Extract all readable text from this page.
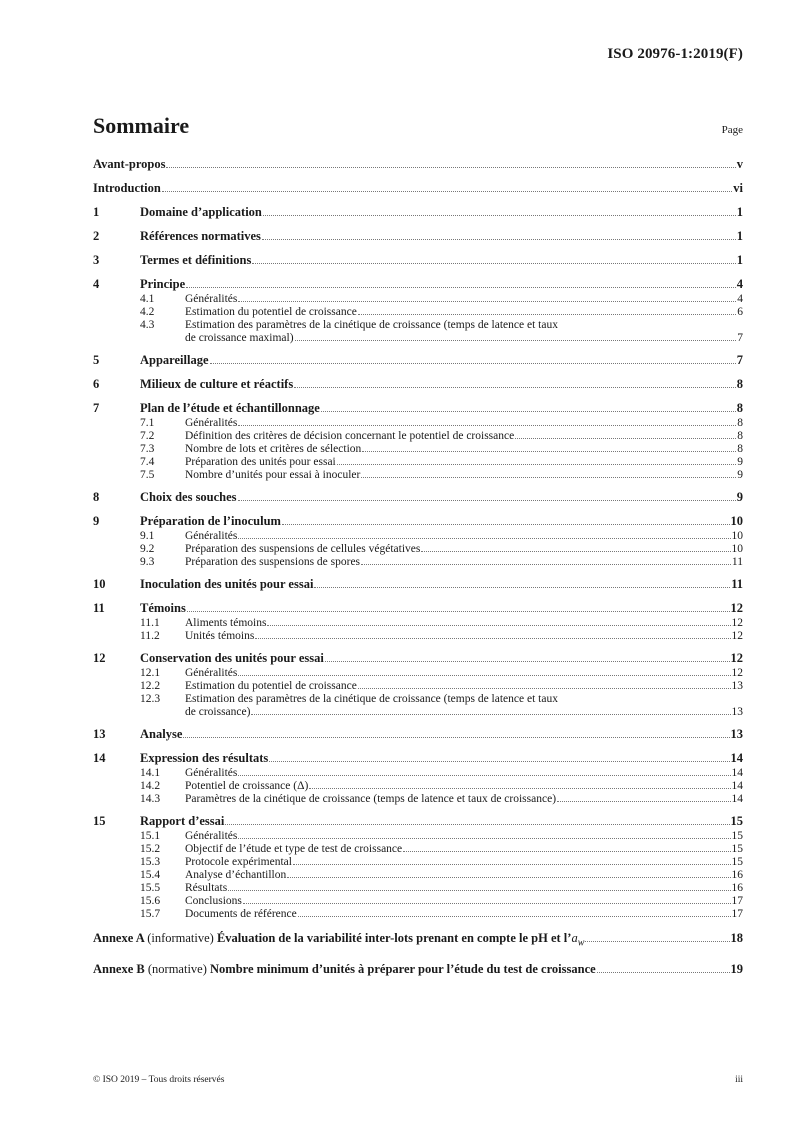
ISO 20976-1:2019(F)
Sommaire	Page
Avant-propos	v
Introduction	vi
1	Domaine d’application	1
2	Références normatives	1
3	Termes et définitions	1
4	Principe	4
4.1	Généralités	4
4.2	Estimation du potentiel de croissance	6
4.3	Estimation des paramètres de la cinétique de croissance (temps de latence et taux
de croissance maximal)	7
5	Appareillage	7
6	Milieux de culture et réactifs	8
7	Plan de l’étude et échantillonnage	8
7.1	Généralités	8
7.2	Définition des critères de décision concernant le potentiel de croissance	8
7.3	Nombre de lots et critères de sélection	8
7.4	Préparation des unités pour essai	9
7.5	Nombre d’unités pour essai à inoculer	9
8	Choix des souches	9
9	Préparation de l’inoculum	10
9.1	Généralités	10
9.2	Préparation des suspensions de cellules végétatives	10
9.3	Préparation des suspensions de spores	11
10	Inoculation des unités pour essai	11
11	Témoins	12
11.1	Aliments témoins	12
11.2	Unités témoins	12
12	Conservation des unités pour essai	12
12.1	Généralités	12
12.2	Estimation du potentiel de croissance	13
12.3	Estimation des paramètres de la cinétique de croissance (temps de latence et taux
de croissance)	13
13	Analyse	13
14	Expression des résultats	14
14.1	Généralités	14
14.2	Potentiel de croissance (Δ)	14
14.3	Paramètres de la cinétique de croissance (temps de latence et taux de croissance)	14
15	Rapport d’essai	15
15.1	Généralités	15
15.2	Objectif de l’étude et type de test de croissance	15
15.3	Protocole expérimental	15
15.4	Analyse d’échantillon	16
15.5	Résultats	16
15.6	Conclusions	17
15.7	Documents de référence	17
Annexe A (informative) Évaluation de la variabilité inter-lots prenant en compte le pH et $l’a_w$	18
Annexe B (normative) Nombre minimum d’unités à préparer pour l’étude du test de croissance	19
© ISO 2019 – Tous droits réservés	iii
